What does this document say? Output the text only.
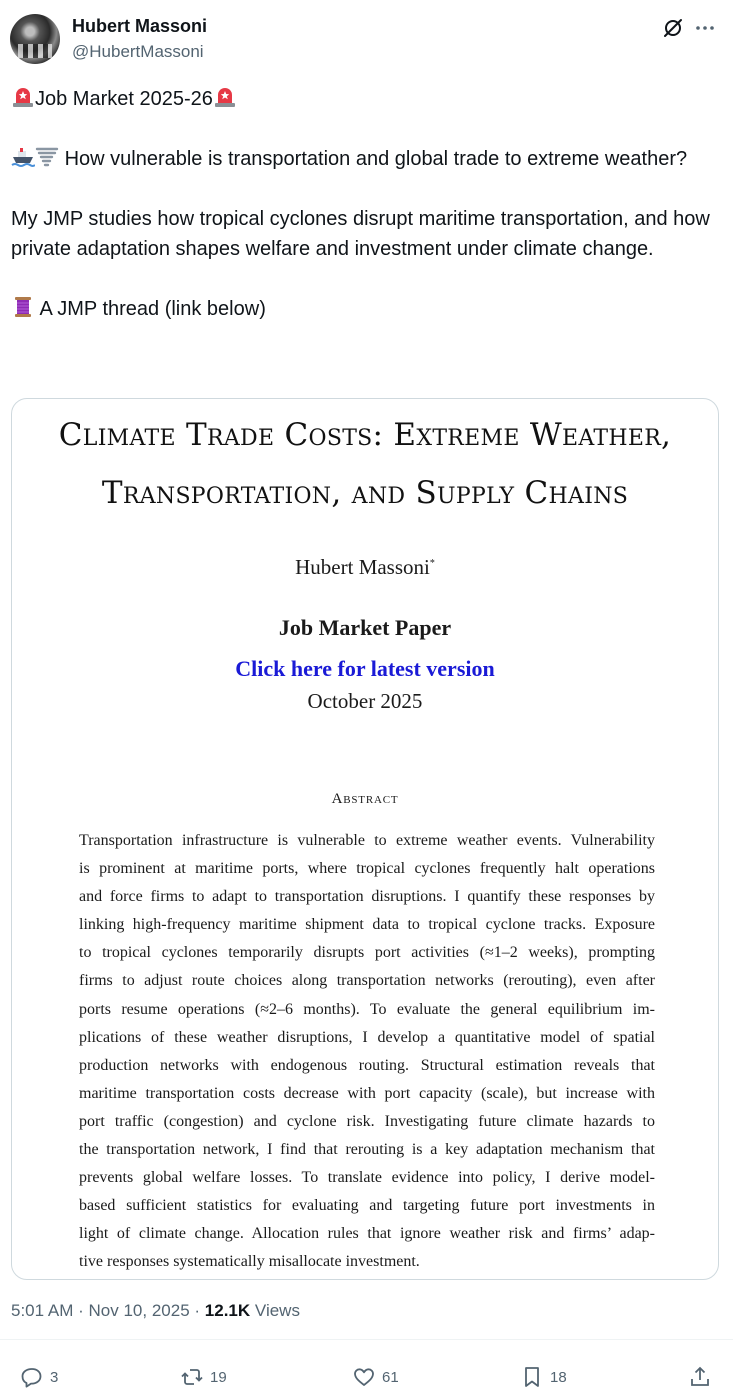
Hubert Massoni
@HubertMassoni

Job Market 2025-26

How vulnerable is transportation and global trade to extreme weather?

My JMP studies how tropical cyclones disrupt maritime transportation, and how private adaptation shapes welfare and investment under climate change.

A JMP thread (link below)

Climate Trade Costs: Extreme Weather,
Transportation, and Supply Chains
Hubert Massoni*
Job Market Paper
Click here for latest version
October 2025
Abstract
Transportation infrastructure is vulnerable to extreme weather events. Vulnerability
is prominent at maritime ports, where tropical cyclones frequently halt operations
and force firms to adapt to transportation disruptions. I quantify these responses by
linking high-frequency maritime shipment data to tropical cyclone tracks. Exposure
to tropical cyclones temporarily disrupts port activities (≈1–2 weeks), prompting
firms to adjust route choices along transportation networks (rerouting), even after
ports resume operations (≈2–6 months). To evaluate the general equilibrium im-
plications of these weather disruptions, I develop a quantitative model of spatial
production networks with endogenous routing. Structural estimation reveals that
maritime transportation costs decrease with port capacity (scale), but increase with
port traffic (congestion) and cyclone risk. Investigating future climate hazards to
the transportation network, I find that rerouting is a key adaptation mechanism that
prevents global welfare losses. To translate evidence into policy, I derive model-
based sufficient statistics for evaluating and targeting future port investments in
light of climate change. Allocation rules that ignore weather risk and firms’ adap-
tive responses systematically misallocate investment.
5:01 AM · Nov 10, 2025 · 12.1K Views
3	19	61	18
